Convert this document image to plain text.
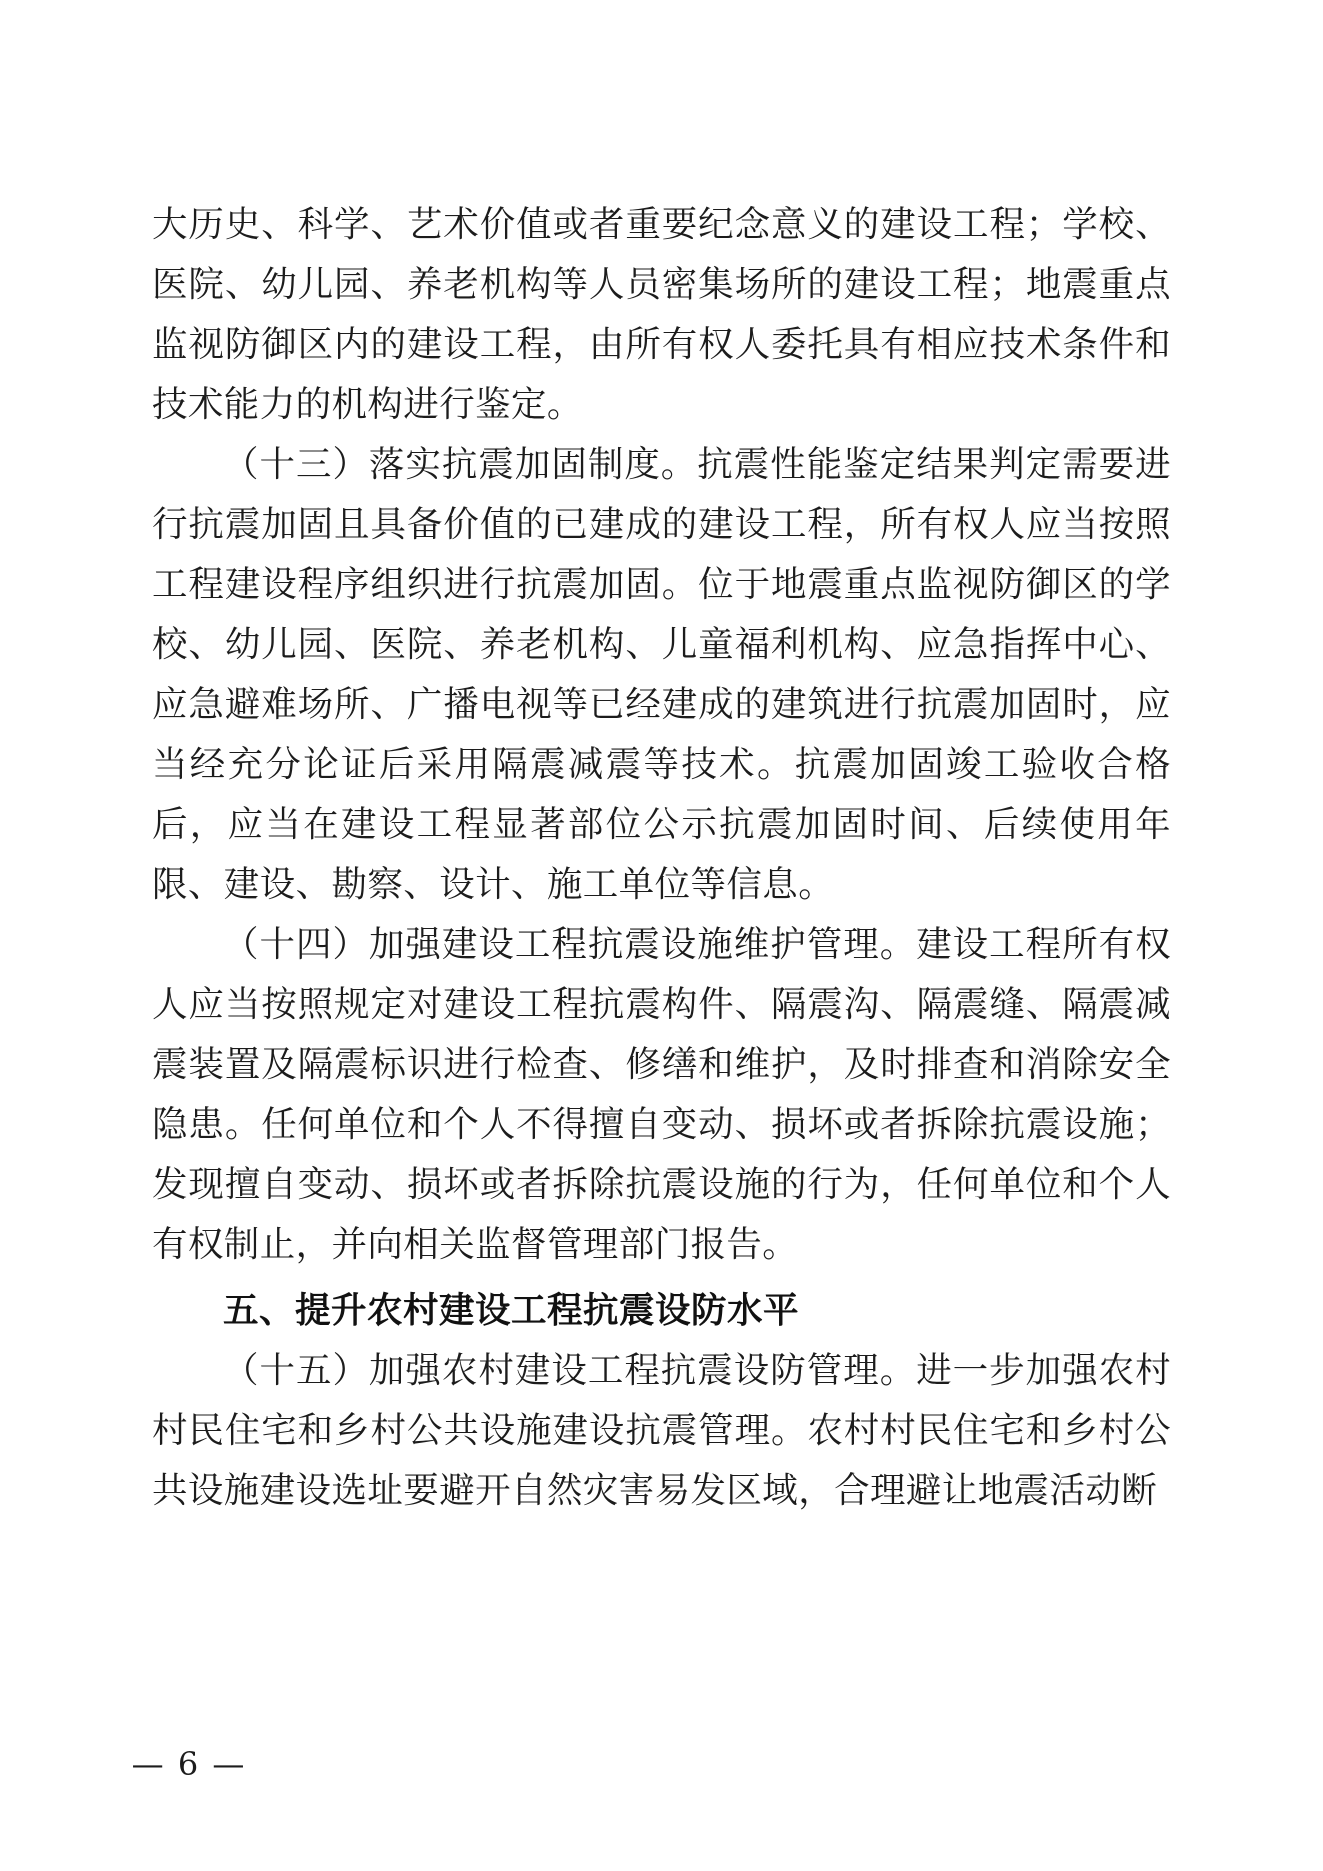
大历史、科学、艺术价值或者重要纪念意义的建设工程；学校、医院、幼儿园、养老机构等人员密集场所的建设工程；地震重点监视防御区内的建设工程，由所有权人委托具有相应技术条件和技术能力的机构进行鉴定。

（十三）落实抗震加固制度。抗震性能鉴定结果判定需要进行抗震加固且具备价值的已建成的建设工程，所有权人应当按照工程建设程序组织进行抗震加固。位于地震重点监视防御区的学校、幼儿园、医院、养老机构、儿童福利机构、应急指挥中心、应急避难场所、广播电视等已经建成的建筑进行抗震加固时，应当经充分论证后采用隔震减震等技术。抗震加固竣工验收合格后，应当在建设工程显著部位公示抗震加固时间、后续使用年限、建设、勘察、设计、施工单位等信息。

（十四）加强建设工程抗震设施维护管理。建设工程所有权人应当按照规定对建设工程抗震构件、隔震沟、隔震缝、隔震减震装置及隔震标识进行检查、修缮和维护，及时排查和消除安全隐患。任何单位和个人不得擅自变动、损坏或者拆除抗震设施；发现擅自变动、损坏或者拆除抗震设施的行为，任何单位和个人有权制止，并向相关监督管理部门报告。

五、提升农村建设工程抗震设防水平

（十五）加强农村建设工程抗震设防管理。进一步加强农村村民住宅和乡村公共设施建设抗震管理。农村村民住宅和乡村公共设施建设选址要避开自然灾害易发区域，合理避让地震活动断

— 6 —
